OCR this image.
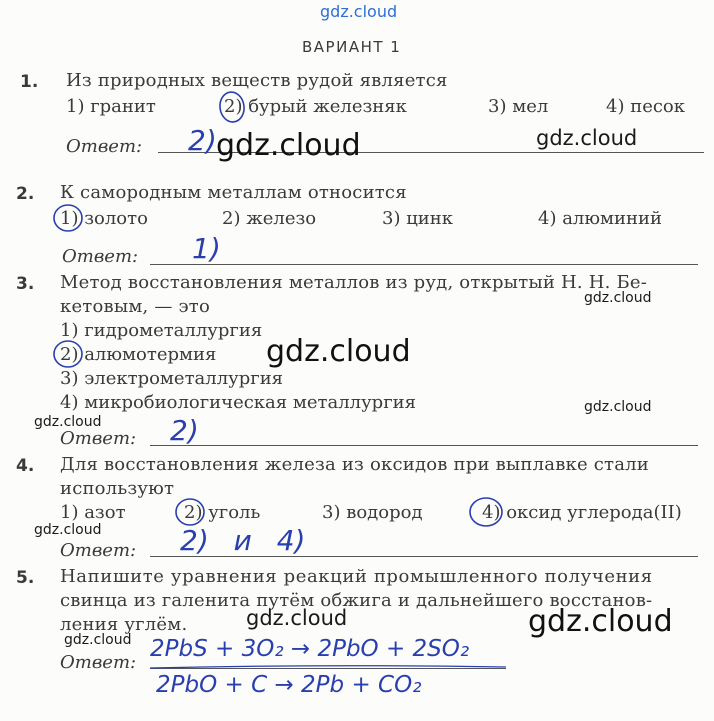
gdz.cloud
ВАРИАНТ 1
1. Из природных веществ рудой является
1) гранит	2) бурый железняк	3) мел	4) песок
Ответ: 2)
2. К самородным металлам относится
1) золото	2) железо	3) цинк	4) алюминий
Ответ: 1)
3. Метод восстановления металлов из руд, открытый Н. Н. Бе-
кетовым, — это
1) гидрометаллургия
2) алюмотермия
3) электрометаллургия
4) микробиологическая металлургия
Ответ: 2)
4. Для восстановления железа из оксидов при выплавке стали
используют
1) азот	2) уголь	3) водород	4) оксид углерода(II)
Ответ: 2) и 4)
5. Напишите уравнения реакций промышленного получения
свинца из галенита путём обжига и дальнейшего восстанов-
ления углём.
Ответ:
2PbS + 3O₂ → 2PbO + 2SO₂
2PbO + C → 2Pb + CO₂
gdz.cloud	gdz.cloud
gdz.cloud
gdz.cloud
gdz.cloud
gdz.cloud
gdz.cloud
gdz.cloud	gdz.cloud
gdz.cloud
